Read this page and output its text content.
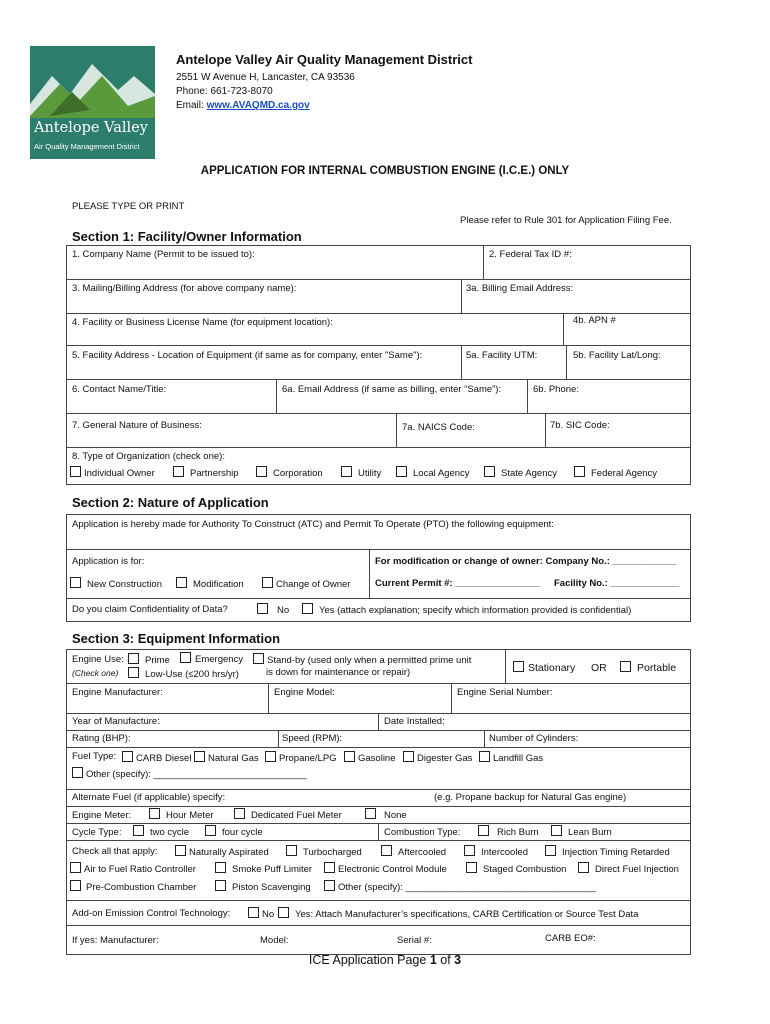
Antelope Valley
Air Quality Management District
Antelope Valley Air Quality Management District
2551 W Avenue H, Lancaster, CA 93536
Phone: 661-723-8070
Email: www.AVAQMD.ca.gov
APPLICATION FOR INTERNAL COMBUSTION ENGINE (I.C.E.) ONLY
PLEASE TYPE OR PRINT
Please refer to Rule 301 for Application Filing Fee.
Section 1: Facility/Owner Information
1. Company Name (Permit to be issued to):	2. Federal Tax ID #:
3. Mailing/Billing Address (for above company name):	3a. Billing Email Address:
4. Facility or Business License Name (for equipment location):	4b. APN #
5. Facility Address - Location of Equipment (if same as for company, enter "Same"):	5a. Facility UTM:	5b. Facility Lat/Long:
6. Contact Name/Title:	6a. Email Address (if same as billing, enter “Same”):	6b. Phone:
7. General Nature of Business:	7a. NAICS Code:	7b. SIC Code:
8. Type of Organization (check one):
Individual Owner	Partnership	Corporation	Utility	Local Agency	State Agency	Federal Agency
Section 2: Nature of Application
Application is hereby made for Authority To Construct (ATC) and Permit To Operate (PTO) the following equipment:
Application is for:	For modification or change of owner: Company No.: ____________
New Construction	Modification	Change of Owner	Current Permit #: ________________ Facility No.: _____________
Do you claim Confidentiality of Data?	No	Yes (attach explanation; specify which information provided is confidential)
Section 3: Equipment Information
Engine Use:	Prime	Emergency
(Check one)	Low-Use (≤200 hrs/yr)
Stand-by (used only when a permitted prime unit
is down for maintenance or repair)	Stationary OR	Portable
Engine Manufacturer:	Engine Model:	Engine Serial Number:
Year of Manufacture:	Date Installed:
Rating (BHP):	Speed (RPM):	Number of Cylinders:
Fuel Type:	CARB Diesel	Natural Gas	Propane/LPG	Gasoline	Digester Gas	Landfill Gas
Other (specify): _____________________________
Alternate Fuel (if applicable) specify:	(e.g. Propane backup for Natural Gas engine)
Engine Meter:	Hour Meter	Dedicated Fuel Meter	None
Cycle Type:	two cycle	four cycle	Combustion Type:	Rich Burn	Lean Burn
Check all that apply:	Naturally Aspirated	Turbocharged	Aftercooled	Intercooled	Injection Timing Retarded
Air to Fuel Ratio Controller	Smoke Puff Limiter	Electronic Control Module	Staged Combustion	Direct Fuel Injection
Pre-Combustion Chamber	Piston Scavenging	Other (specify): ____________________________________
Add-on Emission Control Technology:	No	Yes: Attach Manufacturer’s specifications, CARB Certification or Source Test Data
If yes: Manufacturer:	Model:	Serial #:	CARB EO#:
ICE Application Page 1 of 3
